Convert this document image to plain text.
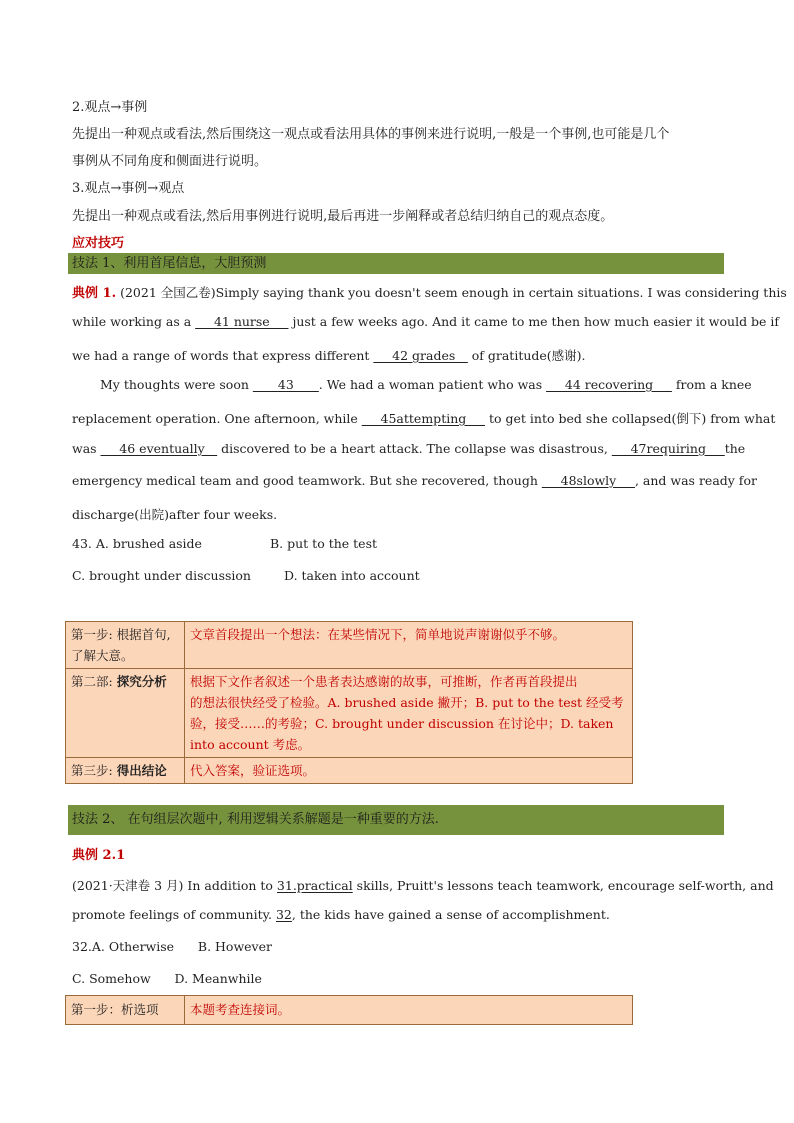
2.观点→事例
先提出一种观点或看法,然后围绕这一观点或看法用具体的事例来进行说明,一般是一个事例,也可能是几个
事例从不同角度和侧面进行说明。
3.观点→事例→观点
先提出一种观点或看法,然后用事例进行说明,最后再进一步阐释或者总结归纳自己的观点态度。
应对技巧
技法 1、利用首尾信息，大胆预测
典例 1. (2021 全国乙卷)Simply saying thank you doesn't seem enough in certain situations. I was considering this
while working as a ___41 nurse___ just a few weeks ago. And it came to me then how much easier it would be if
we had a range of words that express different ___42 grades__ of gratitude(感谢).
My thoughts were soon ____43____. We had a woman patient who was ___44 recovering___ from a knee
replacement operation. One afternoon, while ___45attempting___ to get into bed she collapsed(倒下) from what
was ___46 eventually__ discovered to be a heart attack. The collapse was disastrous, ___47requiring___the
emergency medical team and good teamwork. But she recovered, though ___48slowly___, and was ready for
discharge(出院)after four weeks.
43. A. brushed aside	B. put to the test
C. brought under discussion	D. taken into account
第一步: 根据首句,了解大意。	文章首段提出一个想法：在某些情况下，简单地说声谢谢似乎不够。
第二部: 探究分析	根据下文作者叙述一个患者表达感谢的故事，可推断，作者再首段提出
的想法很快经受了检验。A. brushed aside 撇开；B. put to the test 经受考
验，接受……的考验；C. brought under discussion 在讨论中；D. taken
into account 考虑。

第三步: 得出结论	代入答案，验证选项。
技法 2、 在句组层次题中, 利用逻辑关系解题是一种重要的方法.
典例 2.1
(2021·天津卷 3 月) In addition to 31.practical skills, Pruitt's lessons teach teamwork, encourage self-worth, and
promote feelings of community. 32, the kids have gained a sense of accomplishment.
32.A. Otherwise      B. However
C. Somehow      D. Meanwhile
第一步：析选项	本题考查连接词。
